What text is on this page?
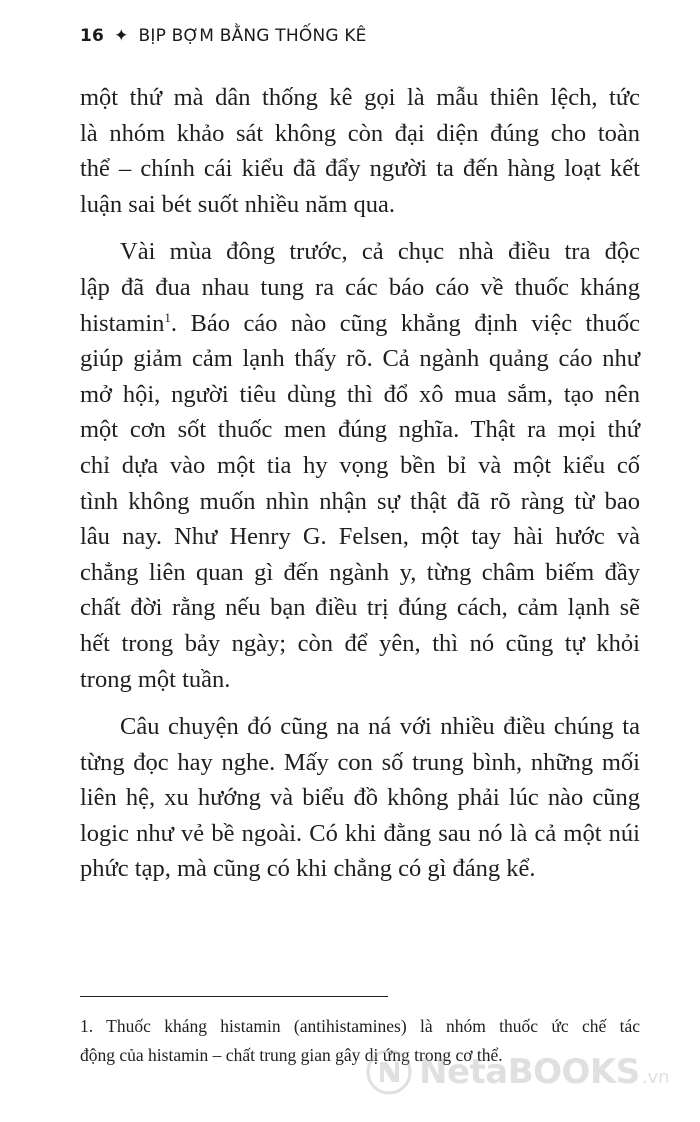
16 ✦ BỊP BỢM BẰNG THỐNG KÊ
một thứ mà dân thống kê gọi là mẫu thiên lệch, tức
là nhóm khảo sát không còn đại diện đúng cho toàn
thể – chính cái kiểu đã đẩy người ta đến hàng loạt kết
luận sai bét suốt nhiều năm qua.
Vài mùa đông trước, cả chục nhà điều tra độc
lập đã đua nhau tung ra các báo cáo về thuốc kháng
histamin$^1$. Báo cáo nào cũng khẳng định việc thuốc
giúp giảm cảm lạnh thấy rõ. Cả ngành quảng cáo như
mở hội, người tiêu dùng thì đổ xô mua sắm, tạo nên
một cơn sốt thuốc men đúng nghĩa. Thật ra mọi thứ
chỉ dựa vào một tia hy vọng bền bỉ và một kiểu cố
tình không muốn nhìn nhận sự thật đã rõ ràng từ bao
lâu nay. Như Henry G. Felsen, một tay hài hước và
chẳng liên quan gì đến ngành y, từng châm biếm đầy
chất đời rằng nếu bạn điều trị đúng cách, cảm lạnh sẽ
hết trong bảy ngày; còn để yên, thì nó cũng tự khỏi
trong một tuần.
Câu chuyện đó cũng na ná với nhiều điều chúng ta
từng đọc hay nghe. Mấy con số trung bình, những mối
liên hệ, xu hướng và biểu đồ không phải lúc nào cũng
logic như vẻ bề ngoài. Có khi đằng sau nó là cả một núi
phức tạp, mà cũng có khi chẳng có gì đáng kể.
1. Thuốc kháng histamin (antihistamines) là nhóm thuốc ức chế tác
động của histamin – chất trung gian gây dị ứng trong cơ thể.
NetaBOOKS .vn
